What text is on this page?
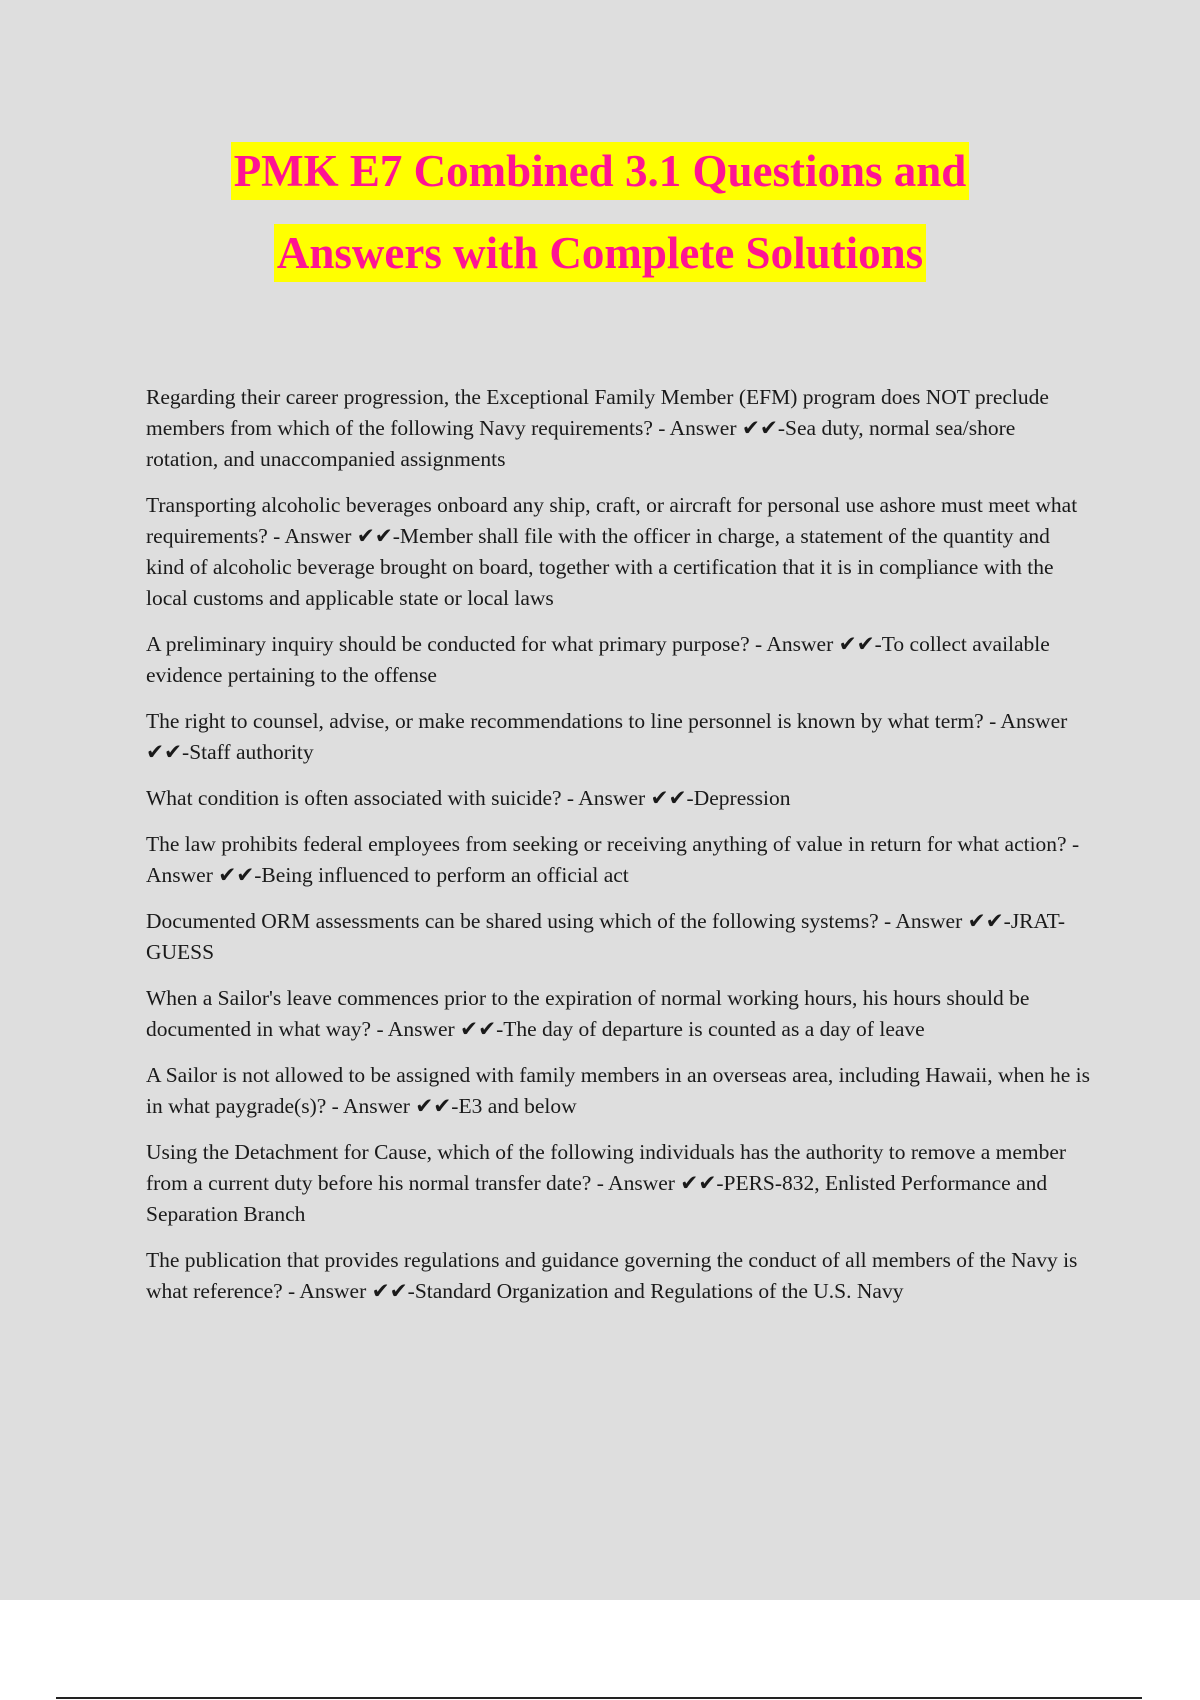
PMK E7 Combined 3.1 Questions and
Answers with Complete Solutions
Regarding their career progression, the Exceptional Family Member (EFM) program does NOT preclude members from which of the following Navy requirements? - Answer ✔✔-Sea duty, normal sea/shore rotation, and unaccompanied assignments
Transporting alcoholic beverages onboard any ship, craft, or aircraft for personal use ashore must meet what requirements? - Answer ✔✔-Member shall file with the officer in charge, a statement of the quantity and kind of alcoholic beverage brought on board, together with a certification that it is in compliance with the local customs and applicable state or local laws
A preliminary inquiry should be conducted for what primary purpose? - Answer ✔✔-To collect available evidence pertaining to the offense
The right to counsel, advise, or make recommendations to line personnel is known by what term? - Answer ✔✔-Staff authority
What condition is often associated with suicide? - Answer ✔✔-Depression
The law prohibits federal employees from seeking or receiving anything of value in return for what action? - Answer ✔✔-Being influenced to perform an official act
Documented ORM assessments can be shared using which of the following systems? - Answer ✔✔-JRAT-GUESS
When a Sailor's leave commences prior to the expiration of normal working hours, his hours should be documented in what way? - Answer ✔✔-The day of departure is counted as a day of leave
A Sailor is not allowed to be assigned with family members in an overseas area, including Hawaii, when he is in what paygrade(s)? - Answer ✔✔-E3 and below
Using the Detachment for Cause, which of the following individuals has the authority to remove a member from a current duty before his normal transfer date? - Answer ✔✔-PERS-832, Enlisted Performance and Separation Branch
The publication that provides regulations and guidance governing the conduct of all members of the Navy is what reference? - Answer ✔✔-Standard Organization and Regulations of the U.S. Navy
